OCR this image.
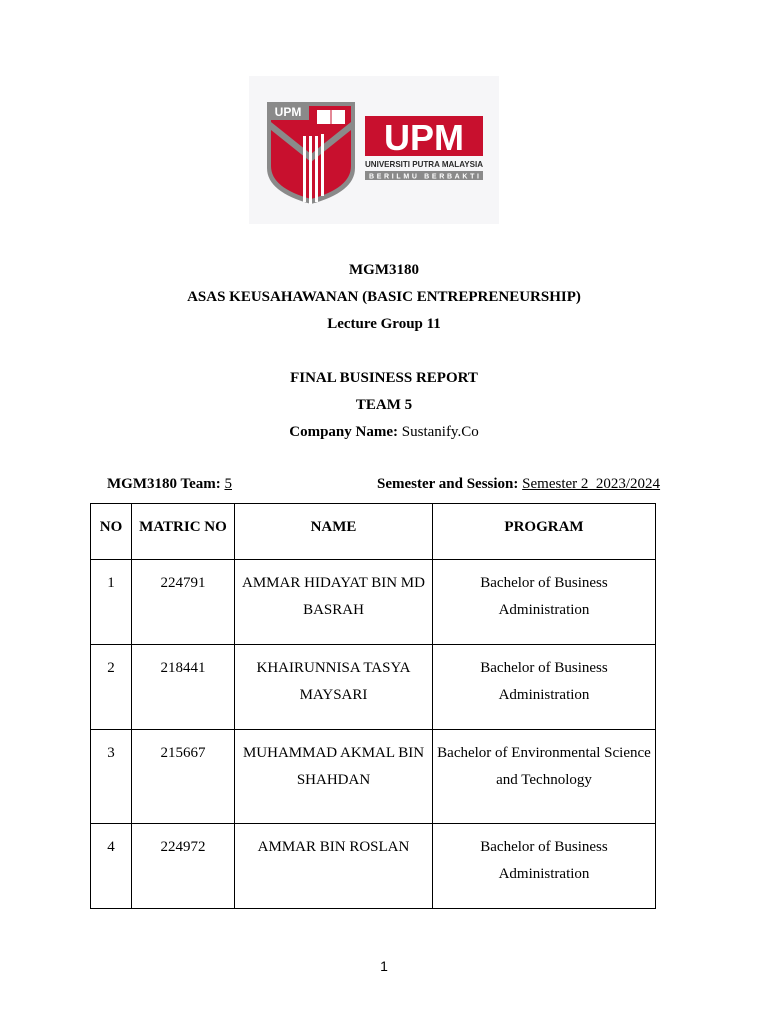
UPM
UPM
UNIVERSITI PUTRA MALAYSIA
BERILMU BERBAKTI
MGM3180
ASAS KEUSAHAWANAN (BASIC ENTREPRENEURSHIP)
Lecture Group 11
FINAL BUSINESS REPORT
TEAM 5
Company Name: Sustanify.Co
MGM3180 Team: 5	Semester and Session: Semester 2  2023/2024
NO	MATRIC NO	NAME	PROGRAM
1	224791	AMMAR HIDAYAT BIN MD BASRAH	Bachelor of Business Administration
2	218441	KHAIRUNNISA TASYA MAYSARI	Bachelor of Business Administration
3	215667	MUHAMMAD AKMAL BIN SHAHDAN	Bachelor of Environmental Science and Technology
4	224972	AMMAR BIN ROSLAN	Bachelor of Business Administration
1
